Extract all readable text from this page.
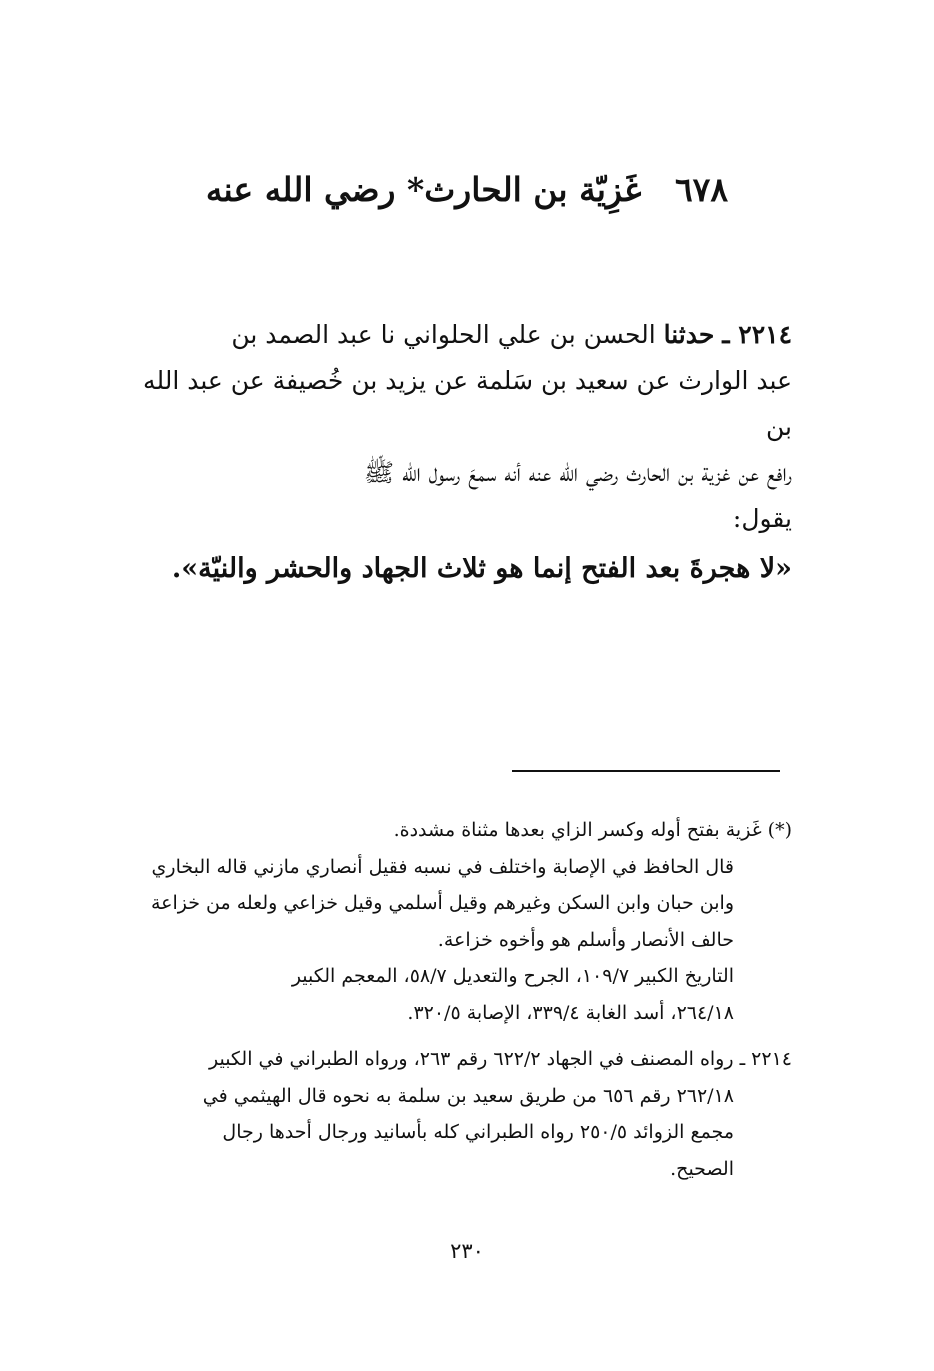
٦٧٨ غَزِيّة بن الحارث* رضي الله عنه

٢٢١٤ ـ حدثنا الحسن بن علي الحلواني نا عبد الصمد بن

عبد الوارث عن سعيد بن سَلمة عن يزيد بن خُصيفة عن عبد الله بن

رافع عن غزية بن الحارث رضي الله عنه أنه سمعَ رسول الله ﷺ

يقول:

«لا هجرةَ بعد الفتح إنما هو ثلاث الجهاد والحشر والنيّة».

(*) غَزية بفتح أوله وكسر الزاي بعدها مثناة مشددة.
قال الحافظ في الإصابة واختلف في نسبه فقيل أنصاري مازني قاله البخاري
وابن حبان وابن السكن وغيرهم وقيل أسلمي وقيل خزاعي ولعله من خزاعة
حالف الأنصار وأسلم هو وأخوه خزاعة.
التاريخ الكبير ١٠٩/٧، الجرح والتعديل ٥٨/٧، المعجم الكبير
٢٦٤/١٨، أسد الغابة ٣٣٩/٤، الإصابة ٣٢٠/٥.
٢٢١٤ ـ رواه المصنف في الجهاد ٦٢٢/٢ رقم ٢٦٣، ورواه الطبراني في الكبير
٢٦٢/١٨ رقم ٦٥٦ من طريق سعيد بن سلمة به نحوه قال الهيثمي في
مجمع الزوائد ٢٥٠/٥ رواه الطبراني كله بأسانيد ورجال أحدها رجال
الصحيح.
٢٣٠
